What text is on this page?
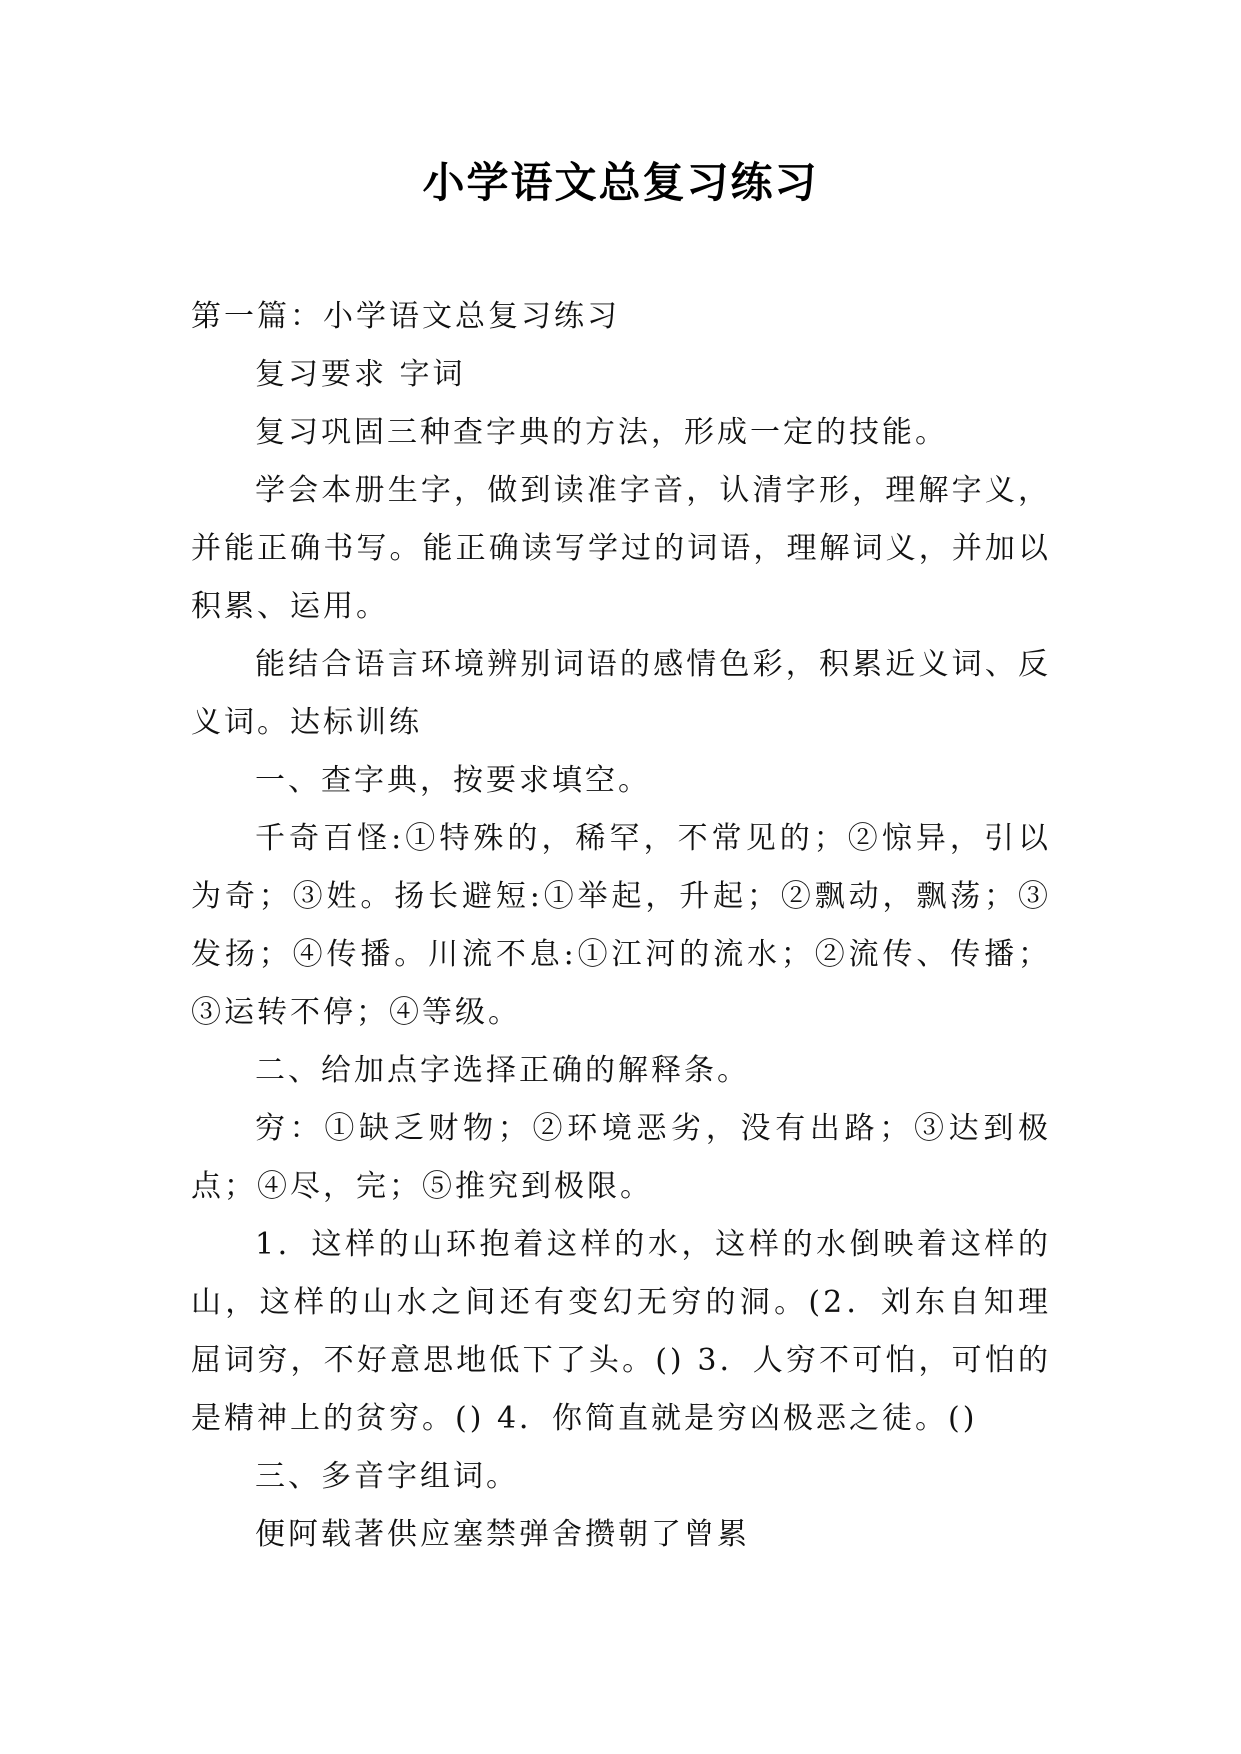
小学语文总复习练习

第一篇：小学语文总复习练习

复习要求 字词

复习巩固三种查字典的方法，形成一定的技能。

学会本册生字，做到读准字音，认清字形，理解字义，并能正确书写。能正确读写学过的词语，理解词义，并加以积累、运用。

能结合语言环境辨别词语的感情色彩，积累近义词、反义词。达标训练

一、查字典，按要求填空。

千奇百怪:①特殊的，稀罕，不常见的；②惊异，引以为奇；③姓。扬长避短:①举起，升起；②飘动，飘荡；③发扬；④传播。川流不息:①江河的流水；②流传、传播；③运转不停；④等级。

二、给加点字选择正确的解释条。

穷：①缺乏财物；②环境恶劣，没有出路；③达到极点；④尽，完；⑤推究到极限。

1．这样的山环抱着这样的水，这样的水倒映着这样的山，这样的山水之间还有变幻无穷的洞。(2．刘东自知理屈词穷，不好意思地低下了头。() 3．人穷不可怕，可怕的是精神上的贫穷。() 4．你简直就是穷凶极恶之徒。()

三、多音字组词。

便阿载著供应塞禁弹舍攒朝了曾累
